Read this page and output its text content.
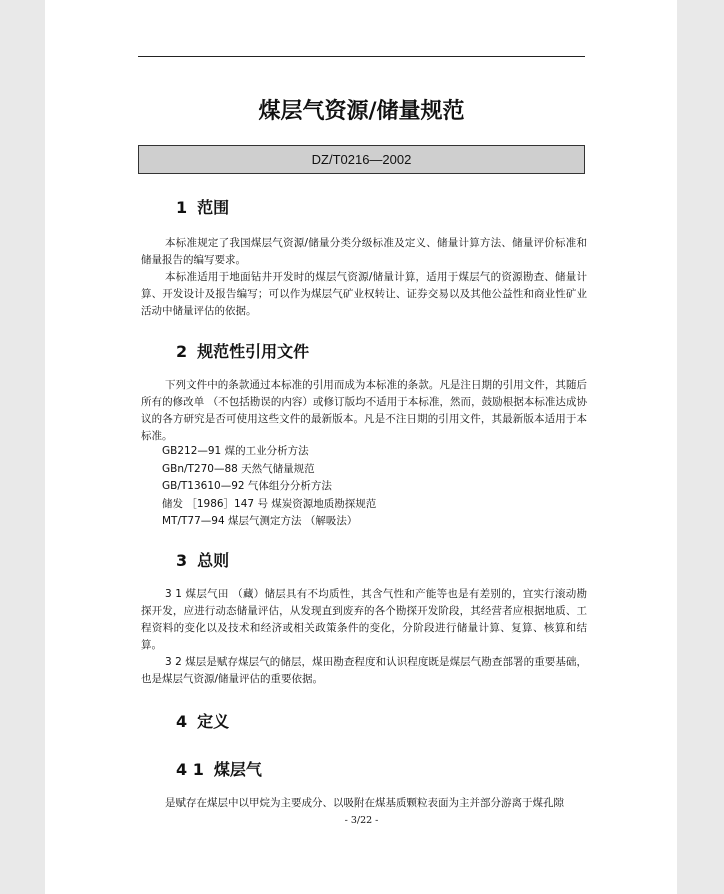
煤层气资源/储量规范
DZ/T0216—2002
1 范围

本标准规定了我国煤层气资源/储量分类分级标准及定义、储量计算方法、储量评价标准和储量报告的编写要求。

本标准适用于地面钻井开发时的煤层气资源/储量计算，适用于煤层气的资源勘查、储量计算、开发设计及报告编写；可以作为煤层气矿业权转让、证券交易以及其他公益性和商业性矿业活动中储量评估的依据。

2 规范性引用文件

下列文件中的条款通过本标准的引用而成为本标准的条款。凡是注日期的引用文件，其随后所有的修改单 （不包括勘误的内容）或修订版均不适用于本标准，然而，鼓励根据本标准达成协议的各方研究是否可使用这些文件的最新版本。凡是不注日期的引用文件，其最新版本适用于本标准。

GB212—91 煤的工业分析方法
GBn/T270—88 天然气储量规范
GB/T13610—92 气体组分分析方法
储发 ［1986］147 号 煤炭资源地质勘探规范
MT/T77—94 煤层气测定方法 （解吸法）
3 总则

3 1 煤层气田 （藏）储层具有不均质性，其含气性和产能等也是有差别的，宜实行滚动勘探开发，应进行动态储量评估，从发现直到废弃的各个勘探开发阶段，其经营者应根据地质、工程资料的变化以及技术和经济或相关政策条件的变化，分阶段进行储量计算、复算、核算和结算。

3 2 煤层是赋存煤层气的储层，煤田勘查程度和认识程度既是煤层气勘查部署的重要基础，也是煤层气资源/储量评估的重要依据。

4 定义
4 1 煤层气

是赋存在煤层中以甲烷为主要成分、以吸附在煤基质颗粒表面为主并部分游离于煤孔隙

- 3/22 -
